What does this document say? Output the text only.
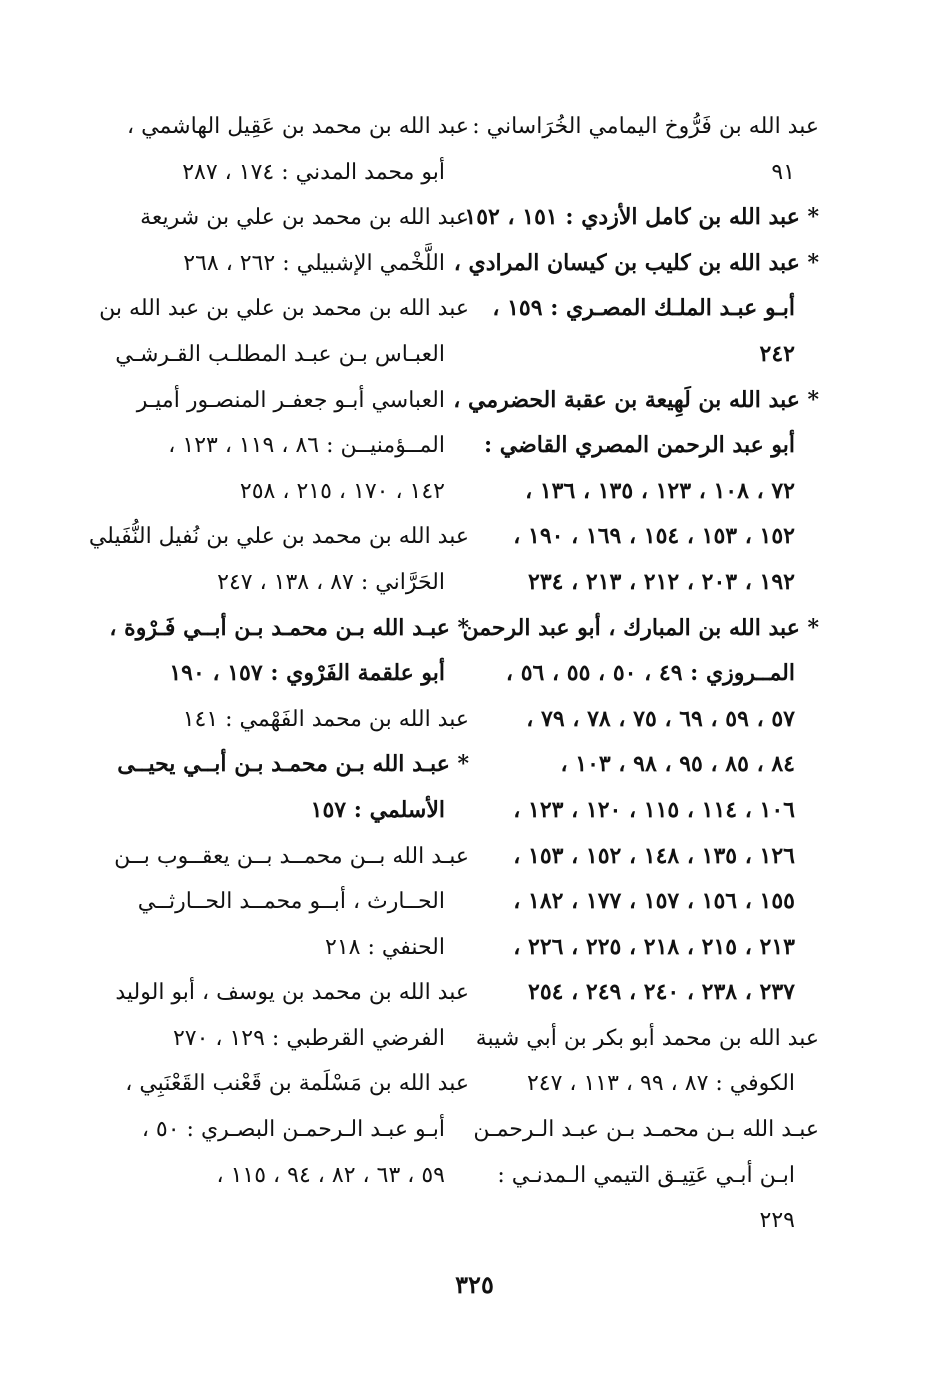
عبد الله بن فَرُّوخ اليمامي الخُرَاساني :
٩١
* عبد الله بن كامل الأزدي : ١٥١ ، ١٥٢
* عبد الله بن كليب بن كيسان المرادي ،
أبـو عبـد الملـك المصـري : ١٥٩ ،
٢٤٢
* عبد الله بن لَهِيعة بن عقبة الحضرمي ،
أبو عبد الرحمن المصري القاضي :
٧٢ ، ١٠٨ ، ١٢٣ ، ١٣٥ ، ١٣٦ ،
١٥٢ ، ١٥٣ ، ١٥٤ ، ١٦٩ ، ١٩٠ ،
١٩٢ ، ٢٠٣ ، ٢١٢ ، ٢١٣ ، ٢٣٤
* عبد الله بن المبارك ، أبو عبد الرحمن
المــروزي : ٤٩ ، ٥٠ ، ٥٥ ، ٥٦ ،
٥٧ ، ٥٩ ، ٦٩ ، ٧٥ ، ٧٨ ، ٧٩ ،
٨٤ ، ٨٥ ، ٩٥ ، ٩٨ ، ١٠٣ ،
١٠٦ ، ١١٤ ، ١١٥ ، ١٢٠ ، ١٢٣ ،
١٢٦ ، ١٣٥ ، ١٤٨ ، ١٥٢ ، ١٥٣ ،
١٥٥ ، ١٥٦ ، ١٥٧ ، ١٧٧ ، ١٨٢ ،
٢١٣ ، ٢١٥ ، ٢١٨ ، ٢٢٥ ، ٢٢٦ ،
٢٣٧ ، ٢٣٨ ، ٢٤٠ ، ٢٤٩ ، ٢٥٤
عبد الله بن محمد أبو بكر بن أبي شيبة
الكوفي : ٨٧ ، ٩٩ ، ١١٣ ، ٢٤٧
عبـد الله بـن محمـد بـن عبـد الـرحمـن
ابـن أبـي عَتِيـق التيمي الـمدنـي :
٢٢٩
عبد الله بن محمد بن عَقِيل الهاشمي ،
أبو محمد المدني : ١٧٤ ، ٢٨٧
عبد الله بن محمد بن علي بن شريعة
اللَّخْمي الإشبيلي : ٢٦٢ ، ٢٦٨
عبد الله بن محمد بن علي بن عبد الله بن
العبـاس بـن عبـد المطلـب القـرشـي
العباسي أبـو جعفـر المنصـور أميـر
المــؤمنيــن : ٨٦ ، ١١٩ ، ١٢٣ ،
١٤٢ ، ١٧٠ ، ٢١٥ ، ٢٥٨
عبد الله بن محمد بن علي بن نُفيل النُّفَيلي
الحَرَّاني : ٨٧ ، ١٣٨ ، ٢٤٧
* عبـد الله بـن محمـد بـن أبــي فَـرْوة ،
أبو علقمة الفَرْوي : ١٥٧ ، ١٩٠
عبد الله بن محمد الفَهْمي : ١٤١
* عبـد الله بـن محمـد بـن أبــي يحيــى
الأسلمي : ١٥٧
عبـد الله بــن محمــد بــن يعقــوب بــن
الحــارث ، أبــو محمــد الحــارثــي
الحنفي : ٢١٨
عبد الله بن محمد بن يوسف ، أبو الوليد
الفرضي القرطبي : ١٢٩ ، ٢٧٠
عبد الله بن مَسْلَمة بن قَعْنب القَعْنَبِي ،
أبـو عبـد الـرحمـن البصـري : ٥٠ ،
٥٩ ، ٦٣ ، ٨٢ ، ٩٤ ، ١١٥ ،
٣٢٥
